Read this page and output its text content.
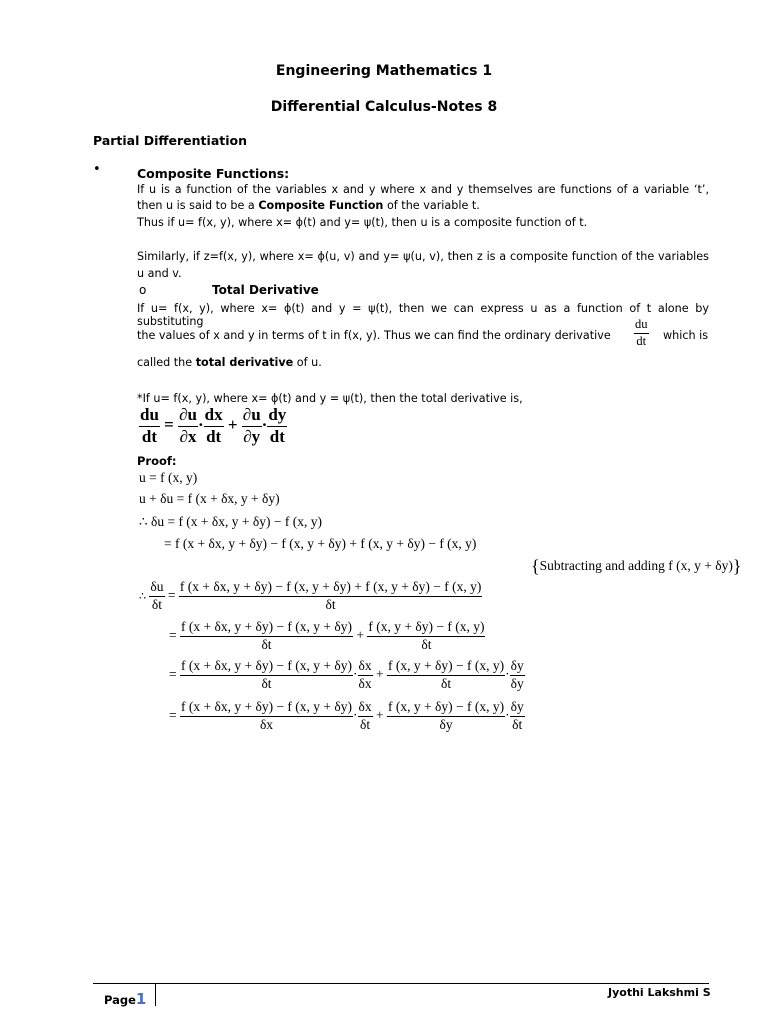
Engineering Mathematics 1
Differential Calculus-Notes 8
Partial Differentiation
•	Composite Functions:
If u is a function of the variables x and y where x and y themselves are functions of a variable ‘t’,
then u is said to be a Composite Function of the variable t.
Thus if u= f(x, y), where x= ϕ(t) and y= ψ(t), then u is a composite function of t.
Similarly, if z=f(x, y), where x= ϕ(u, v) and y= ψ(u, v), then z is a composite function of the variables
u and v.
o	Total Derivative
If u= f(x, y), where x= ϕ(t) and y = ψ(t), then we can express u as a function of t alone by substituting
the values of x and y in terms of t in f(x, y). Thus we can find the ordinary derivative $\frac{du}{dt}$ which is
called the total derivative of u.
*If u= f(x, y), where x= ϕ(t) and y = ψ(t), then the total derivative is,
$\frac{du}{dt} = \frac{\partial u}{\partial x} \cdot \frac{dx}{dt} + \frac{\partial u}{\partial y} \cdot \frac{dy}{dt}$
Proof:
u = f (x, y)
u + δu = f (x + δx, y + δy)
∴ δu = f (x + δx, y + δy) − f (x, y)
= f (x + δx, y + δy) − f (x, y + δy) + f (x, y + δy) − f (x, y)
{Subtracting and adding f (x, y + δy)}
∴ $\frac{\delta u}{\delta t}$ =
f (x + δx, y + δy) − f (x, y + δy) + f (x, y + δy) − f (x, y)
δt
= $\frac{f (x + \delta x, y + \delta y) - f (x, y + \delta y)}{\delta t} + \frac{f (x, y + \delta y) - f (x, y)}{\delta t}$
= $\frac{f (x + \delta x, y + \delta y) - f (x, y + \delta y)}{\delta t} \cdot \frac{\delta x}{\delta x} + \frac{f (x, y + \delta y) - f (x, y)}{\delta t} \cdot \frac{\delta y}{\delta y}$
= $\frac{f (x + \delta x, y + \delta y) - f (x, y + \delta y)}{\delta x} \cdot \frac{\delta x}{\delta t} + \frac{f (x, y + \delta y) - f (x, y)}{\delta y} \cdot \frac{\delta y}{\delta t}$
Page1	Jyothi Lakshmi S
